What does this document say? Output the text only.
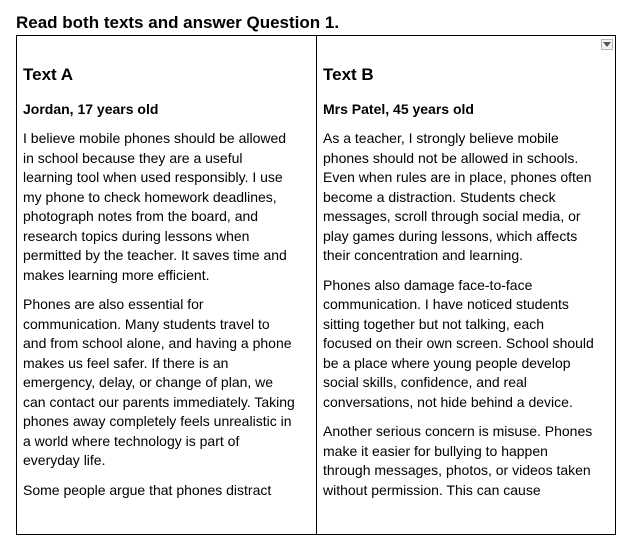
Read both texts and answer Question 1.
Text A
Jordan, 17 years old

I believe mobile phones should be allowed
in school because they are a useful
learning tool when used responsibly. I use
my phone to check homework deadlines,
photograph notes from the board, and
research topics during lessons when
permitted by the teacher. It saves time and
makes learning more efficient.

Phones are also essential for
communication. Many students travel to
and from school alone, and having a phone
makes us feel safer. If there is an
emergency, delay, or change of plan, we
can contact our parents immediately. Taking
phones away completely feels unrealistic in
a world where technology is part of
everyday life.

Some people argue that phones distract

Text B
Mrs Patel, 45 years old

As a teacher, I strongly believe mobile
phones should not be allowed in schools.
Even when rules are in place, phones often
become a distraction. Students check
messages, scroll through social media, or
play games during lessons, which affects
their concentration and learning.

Phones also damage face-to-face
communication. I have noticed students
sitting together but not talking, each
focused on their own screen. School should
be a place where young people develop
social skills, confidence, and real
conversations, not hide behind a device.

Another serious concern is misuse. Phones
make it easier for bullying to happen
through messages, photos, or videos taken
without permission. This can cause
